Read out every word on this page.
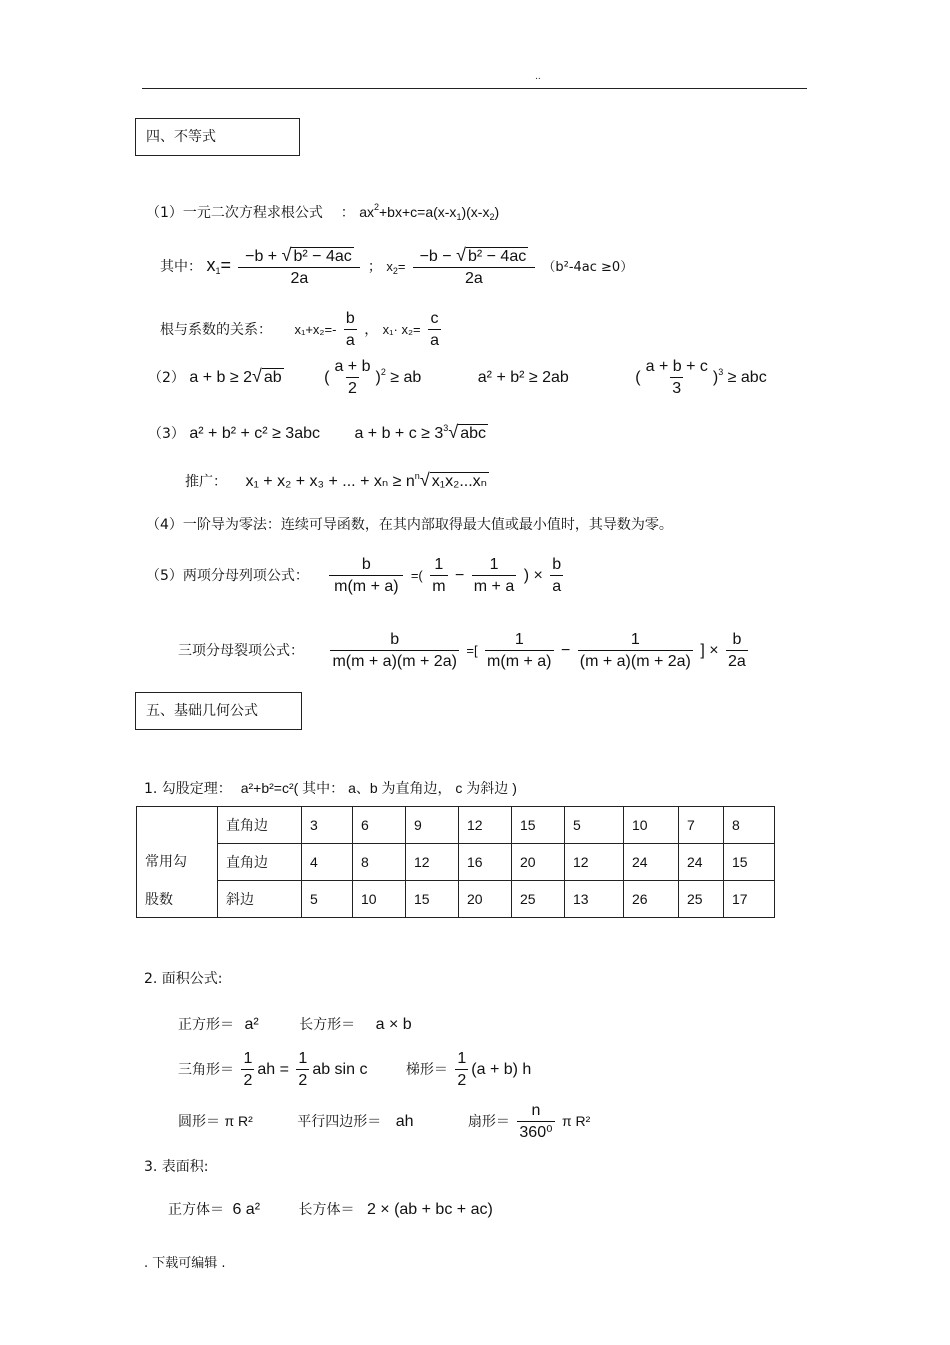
..
四、不等式
（1）一元二次方程求根公式 ： $ax^2+bx+c=a(x-x_1)(x-x_2)$
其中： $x_1= \frac{\text{−b + √ b² − 4ac}}{2a}$ ； $x_2= \frac{\text{−b − √ b² − 4ac}}{2a} (b^2-4ac \ge 0)$
根与系数的关系： $x_1+x_2=- \frac{b}{a}$ ， $x_1\cdot x_2= \frac{c}{a}$
（2） a + b ≥ 2√ ab	( $\frac{a + b}{2} )^2$ ≥ ab	a² + b² ≥ 2ab	( $\frac{a + b + c}{3} )^3$ ≥ abc
（3） a² + b² + c² ≥ 3abc $a + b + c \ge 3^3√$ abc
推广： x₁ + x₂ + x₃ + ... + $x_n \ge n^n√$ x₁x₂...xₙ
（4）一阶导为零法：连续可导函数，在其内部取得最大值或最小值时，其导数为零。
（5）两项分母列项公式： $\frac{b}{m(m + a)}$ =( $\frac{1}{m} - \frac{1}{m + a}$ ) × $\frac{b}{a}$
三项分母裂项公式： $\frac{b}{m(m + a)(m + 2a)}$ =[ $\frac{1}{m(m + a)} - \frac{1}{(m + a)(m + 2a)}$ ] × $\frac{b}{2a}$
五、基础几何公式
1. 勾股定理： a²+b²=c²( 其中： a、b 为直角边， c 为斜边 )
常用勾
股数	直角边	3	6	9	12	15	5	10	7	8
	直角边	4	8	12	16	20	12	24	24	15
	斜边	5	10	15	20	25	13	26	25	17
2. 面积公式:
正方形＝ a²	长方形＝ a × b
三角形＝ $\frac{1}{2}$ ah = $\frac{1}{2}$ ab sin c	梯形＝ $\frac{1}{2} (a + b)$ h
圆形＝ π R²	平行四边形＝ ah	扇形＝ $\frac{n}{\text{360⁰}}$ π R²
3. 表面积:
正方体＝ 6 a²	长方体＝ 2 × (ab + bc + ac)
. 下载可编辑 .
